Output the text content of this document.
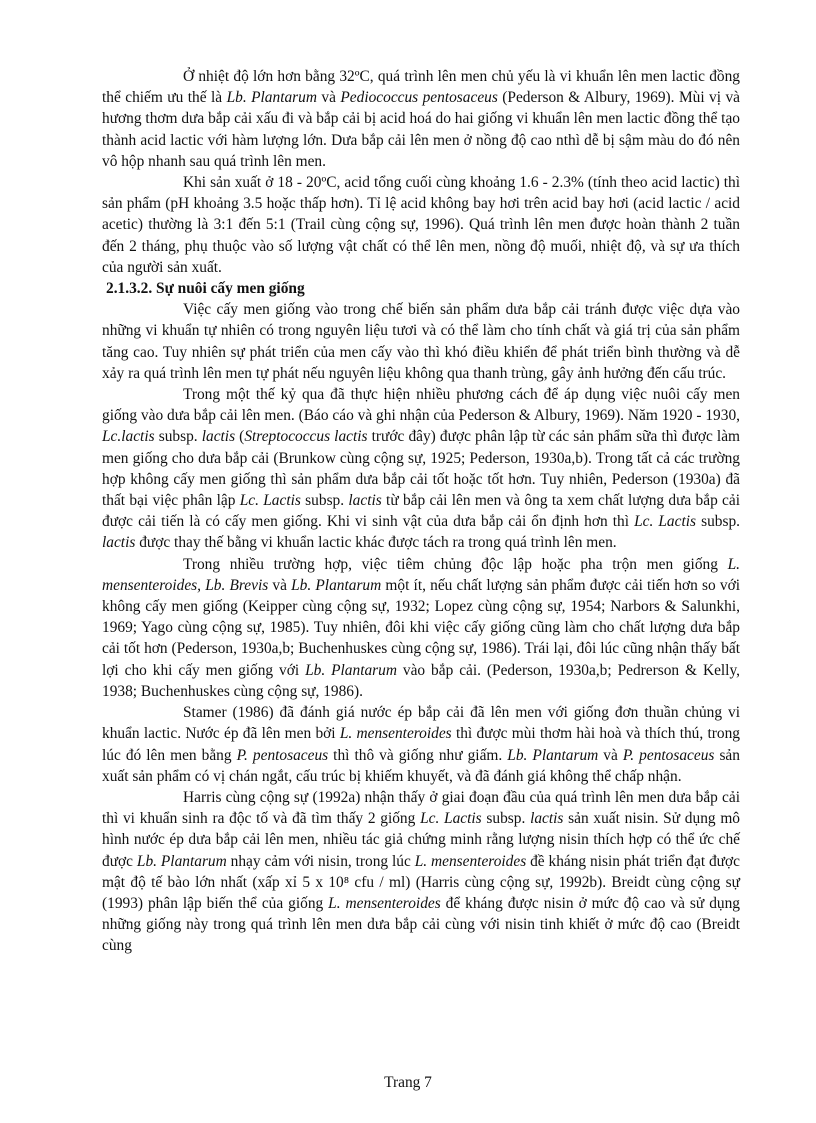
Ở nhiệt độ lớn hơn bằng 32ºC, quá trình lên men chủ yếu là vi khuẩn lên men lactic đồng thể chiếm ưu thế là Lb. Plantarum và Pediococcus pentosaceus (Pederson & Albury, 1969). Mùi vị và hương thơm dưa bắp cải xấu đi và bắp cải bị acid hoá do hai giống vi khuẩn lên men lactic đồng thể tạo thành acid lactic với hàm lượng lớn. Dưa bắp cải lên men ở nồng độ cao nthì dễ bị sậm màu do đó nên vô hộp nhanh sau quá trình lên men.

Khi sản xuất ở 18 - 20ºC, acid tổng cuối cùng khoảng 1.6 - 2.3% (tính theo acid lactic) thì sản phẩm (pH khoảng 3.5 hoặc thấp hơn). Tỉ lệ acid không bay hơi trên acid bay hơi (acid lactic / acid acetic) thường là 3:1 đến 5:1 (Trail cùng cộng sự, 1996). Quá trình lên men được hoàn thành 2 tuần đến 2 tháng, phụ thuộc vào số lượng vật chất có thể lên men, nồng độ muối, nhiệt độ, và sự ưa thích của người sản xuất.

2.1.3.2. Sự nuôi cấy men giống

Việc cấy men giống vào trong chế biến sản phẩm dưa bắp cải tránh được việc dựa vào những vi khuẩn tự nhiên có trong nguyên liệu tươi và có thể làm cho tính chất và giá trị của sản phẩm tăng cao. Tuy nhiên sự phát triển của men cấy vào thì khó điều khiển để phát triển bình thường và dễ xảy ra quá trình lên men tự phát nếu nguyên liệu không qua thanh trùng, gây ảnh hưởng đến cấu trúc.

Trong một thế kỷ qua đã thực hiện nhiều phương cách để áp dụng việc nuôi cấy men giống vào dưa bắp cải lên men. (Báo cáo và ghi nhận của Pederson & Albury, 1969). Năm 1920 - 1930, Lc.lactis subsp. lactis (Streptococcus lactis trước đây) được phân lập từ các sản phẩm sữa thì được làm men giống cho dưa bắp cải (Brunkow cùng cộng sự, 1925; Pederson, 1930a,b). Trong tất cả các trường hợp không cấy men giống thì sản phẩm dưa bắp cải tốt hoặc tốt hơn. Tuy nhiên, Pederson (1930a) đã thất bại việc phân lập Lc. Lactis subsp. lactis từ bắp cải lên men và ông ta xem chất lượng dưa bắp cải được cải tiến là có cấy men giống. Khi vi sinh vật của dưa bắp cải ổn định hơn thì Lc. Lactis subsp. lactis được thay thế bằng vi khuẩn lactic khác được tách ra trong quá trình lên men.

Trong nhiều trường hợp, việc tiêm chủng độc lập hoặc pha trộn men giống L. mensenteroides, Lb. Brevis và Lb. Plantarum một ít, nếu chất lượng sản phẩm được cải tiến hơn so với không cấy men giống (Keipper cùng cộng sự, 1932; Lopez cùng cộng sự, 1954; Narbors & Salunkhi, 1969; Yago cùng cộng sự, 1985). Tuy nhiên, đôi khi việc cấy giống cũng làm cho chất lượng dưa bắp cải tốt hơn (Pederson, 1930a,b; Buchenhuskes cùng cộng sự, 1986). Trái lại, đôi lúc cũng nhận thấy bất lợi cho khi cấy men giống với Lb. Plantarum vào bắp cải. (Pederson, 1930a,b; Pedrerson & Kelly, 1938; Buchenhuskes cùng cộng sự, 1986).

Stamer (1986) đã đánh giá nước ép bắp cải đã lên men với giống đơn thuần chủng vi khuẩn lactic. Nước ép đã lên men bởi L. mensenteroides thì được mùi thơm hài hoà và thích thú, trong lúc đó lên men bằng P. pentosaceus thì thô và giống như giấm. Lb. Plantarum và P. pentosaceus sản xuất sản phẩm có vị chán ngắt, cấu trúc bị khiếm khuyết, và đã đánh giá không thể chấp nhận.

Harris cùng cộng sự (1992a) nhận thấy ở giai đoạn đầu của quá trình lên men dưa bắp cải thì vi khuẩn sinh ra độc tố và đã tìm thấy 2 giống Lc. Lactis subsp. lactis sản xuất nisin. Sử dụng mô hình nước ép dưa bắp cải lên men, nhiều tác giả chứng minh rằng lượng nisin thích hợp có thể ức chế được Lb. Plantarum nhạy cảm với nisin, trong lúc L. mensenteroides đề kháng nisin phát triển đạt được mật độ tế bào lớn nhất (xấp xỉ 5 x 10⁸ cfu / ml) (Harris cùng cộng sự, 1992b). Breidt cùng cộng sự (1993) phân lập biến thể của giống L. mensenteroides để kháng được nisin ở mức độ cao và sử dụng những giống này trong quá trình lên men dưa bắp cải cùng với nisin tinh khiết ở mức độ cao (Breidt cùng

Trang 7
